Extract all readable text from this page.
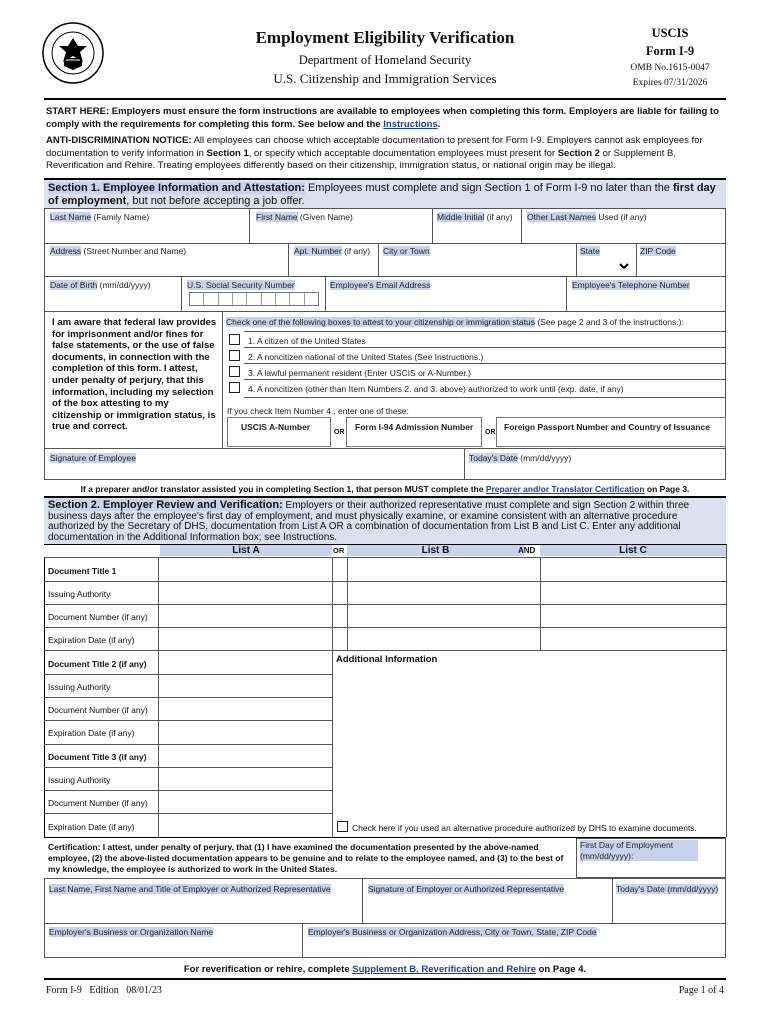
Employment Eligibility Verification
Department of Homeland Security
U.S. Citizenship and Immigration Services
USCIS
Form I-9
OMB No.1615-0047
Expires 07/31/2026
START HERE: Employers must ensure the form instructions are available to employees when completing this form. Employers are liable for failing to comply with the requirements for completing this form. See below and the Instructions.
ANTI-DISCRIMINATION NOTICE: All employees can choose which acceptable documentation to present for Form I-9. Employers cannot ask employees for documentation to verify information in Section 1, or specify which acceptable documentation employees must present for Section 2 or Supplement B, Reverification and Rehire. Treating employees differently based on their citizenship, immigration status, or national origin may be illegal.
Section 1. Employee Information and Attestation: Employees must complete and sign Section 1 of Form I-9 no later than the first day of employment, but not before accepting a job offer.
Last Name (Family Name)	First Name (Given Name)	Middle Initial (if any) Other Last Names Used (if any)
Address (Street Number and Name)	Apt. Number (if any) City or Town	State	ZIP Code
Date of Birth (mm/dd/yyyy)	U.S. Social Security Number	Employee's Email Address	Employee's Telephone Number
I am aware that federal law provides for imprisonment and/or fines for false statements, or the use of false documents, in connection with the completion of this form. I attest, under penalty of perjury, that this information, including my selection of the box attesting to my citizenship or immigration status, is true and correct.
Check one of the following boxes to attest to your citizenship or immigration status (See page 2 and 3 of the instructions.):
1. A citizen of the United States
2. A noncitizen national of the United States (See Instructions.)
3. A lawful permanent resident (Enter USCIS or A-Number.)
4. A noncitizen (other than Item Numbers 2. and 3. above) authorized to work until (exp. date, if any)
If you check Item Number 4., enter one of these:
USCIS A-Number
OR
Form I-94 Admission Number
OR
Foreign Passport Number and Country of Issuance
Signature of Employee	Today's Date (mm/dd/yyyy)
If a preparer and/or translator assisted you in completing Section 1, that person MUST complete the Preparer and/or Translator Certification on Page 3.
Section 2. Employer Review and Verification: Employers or their authorized representative must complete and sign Section 2 within three business days after the employee's first day of employment, and must physically examine, or examine consistent with an alternative procedure authorized by the Secretary of DHS, documentation from List A OR a combination of documentation from List B and List C. Enter any additional documentation in the Additional Information box; see Instructions.
List A	OR	List B	AND	List C
Document Title 1
Issuing Authority
Document Number (if any)
Expiration Date (if any)
Document Title 2 (if any)
Issuing Authority
Document Number (if any)
Expiration Date (if any)
Document Title 3 (if any)
Issuing Authority
Document Number (if any)
Expiration Date (if any)
Additional Information
Check here if you used an alternative procedure authorized by DHS to examine documents.
Certification: I attest, under penalty of perjury, that (1) I have examined the documentation presented by the above-named employee, (2) the above-listed documentation appears to be genuine and to relate to the employee named, and (3) to the best of my knowledge, the employee is authorized to work in the United States.
First Day of Employment (mm/dd/yyyy):
Last Name, First Name and Title of Employer or Authorized Representative	Signature of Employer or Authorized Representative	Today's Date (mm/dd/yyyy)
Employer's Business or Organization Name	Employer's Business or Organization Address, City or Town, State, ZIP Code
For reverification or rehire, complete Supplement B, Reverification and Rehire on Page 4.
Form I-9   Edition   08/01/23	Page 1 of 4
